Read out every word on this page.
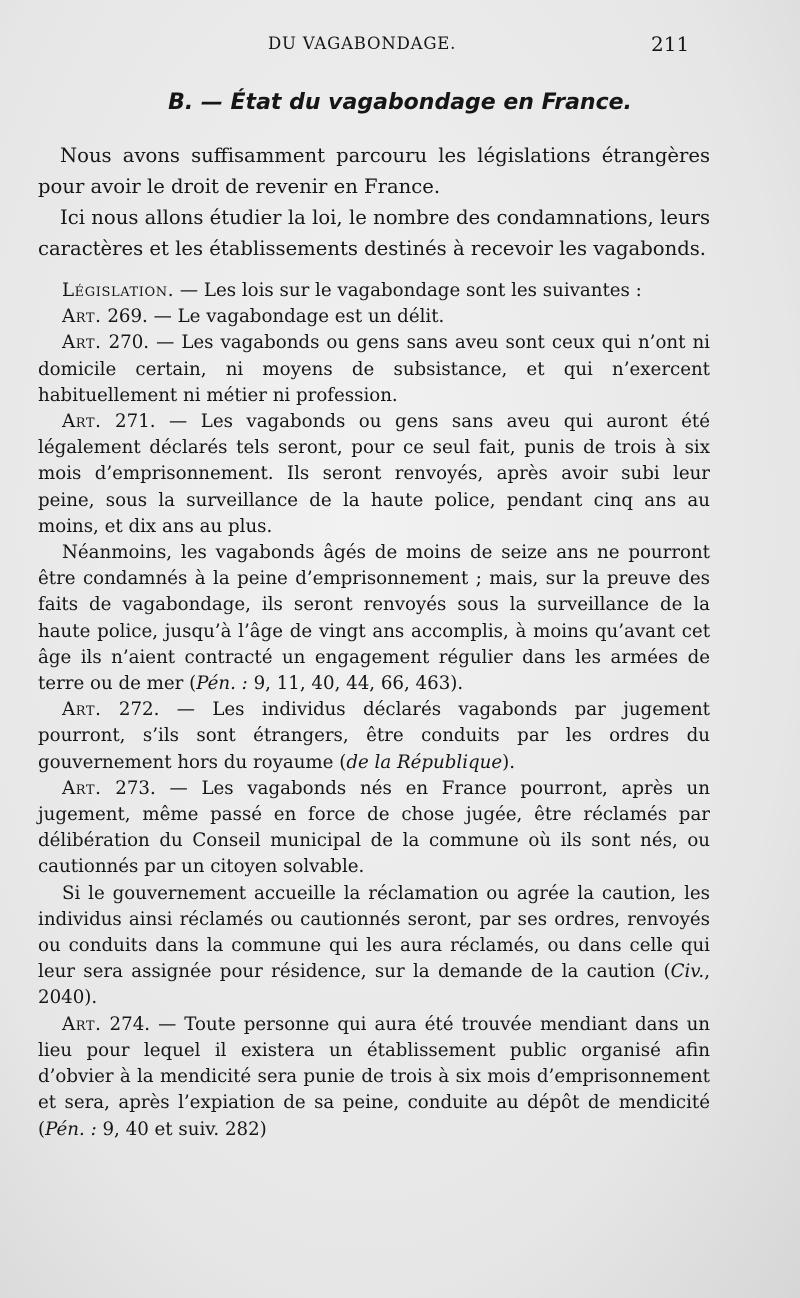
DU VAGABONDAGE.	211
B. — État du vagabondage en France.

Nous avons suffisamment parcouru les législations étrangères pour avoir le droit de revenir en France.

Ici nous allons étudier la loi, le nombre des condamnations, leurs caractères et les établissements destinés à recevoir les vagabonds.

Législation. — Les lois sur le vagabondage sont les suivantes :

Art. 269. — Le vagabondage est un délit.

Art. 270. — Les vagabonds ou gens sans aveu sont ceux qui n’ont ni domicile certain, ni moyens de subsistance, et qui n’exercent habituellement ni métier ni profession.

Art. 271. — Les vagabonds ou gens sans aveu qui auront été légalement déclarés tels seront, pour ce seul fait, punis de trois à six mois d’emprisonnement. Ils seront renvoyés, après avoir subi leur peine, sous la surveillance de la haute police, pendant cinq ans au moins, et dix ans au plus.

Néanmoins, les vagabonds âgés de moins de seize ans ne pourront être condamnés à la peine d’emprisonnement ; mais, sur la preuve des faits de vagabondage, ils seront renvoyés sous la surveillance de la haute police, jusqu’à l’âge de vingt ans accomplis, à moins qu’avant cet âge ils n’aient contracté un engagement régulier dans les armées de terre ou de mer (Pén. : 9, 11, 40, 44, 66, 463).

Art. 272. — Les individus déclarés vagabonds par jugement pourront, s’ils sont étrangers, être conduits par les ordres du gouvernement hors du royaume (de la République).

Art. 273. — Les vagabonds nés en France pourront, après un jugement, même passé en force de chose jugée, être réclamés par délibération du Conseil municipal de la commune où ils sont nés, ou cautionnés par un citoyen solvable.

Si le gouvernement accueille la réclamation ou agrée la caution, les individus ainsi réclamés ou cautionnés seront, par ses ordres, renvoyés ou conduits dans la commune qui les aura réclamés, ou dans celle qui leur sera assignée pour résidence, sur la demande de la caution (Civ., 2040).

Art. 274. — Toute personne qui aura été trouvée mendiant dans un lieu pour lequel il existera un établissement public organisé afin d’obvier à la mendicité sera punie de trois à six mois d’emprisonnement et sera, après l’expiation de sa peine, conduite au dépôt de mendicité (Pén. : 9, 40 et suiv. 282)
